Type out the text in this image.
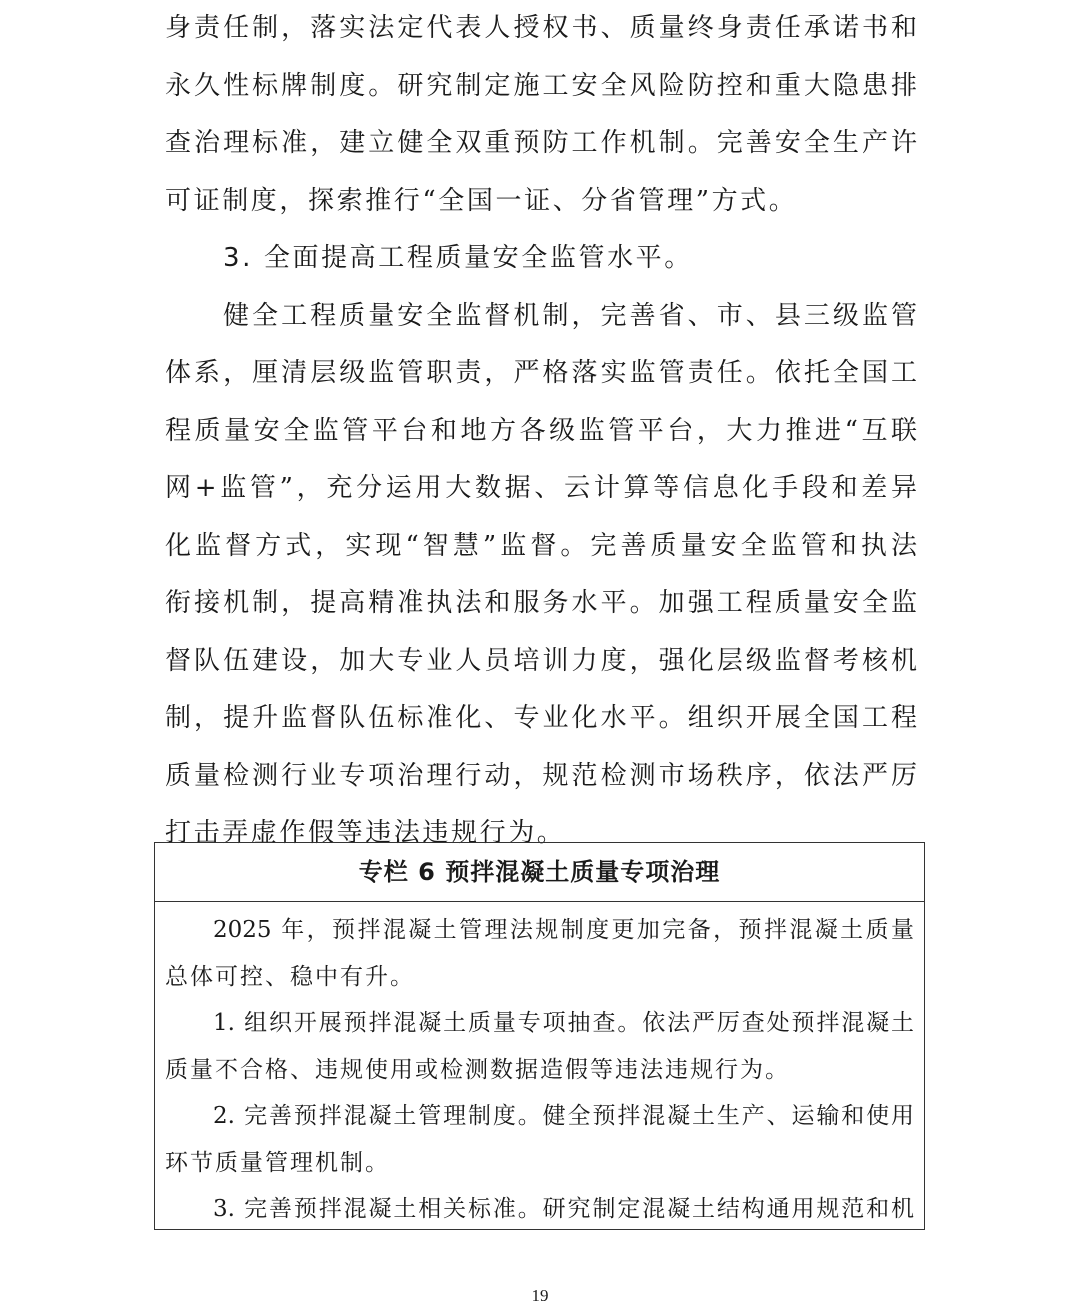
身责任制，落实法定代表人授权书、质量终身责任承诺书和
永久性标牌制度。研究制定施工安全风险防控和重大隐患排
查治理标准，建立健全双重预防工作机制。完善安全生产许
可证制度，探索推行“全国一证、分省管理”方式。
3. 全面提高工程质量安全监管水平。
健全工程质量安全监督机制，完善省、市、县三级监管
体系，厘清层级监管职责，严格落实监管责任。依托全国工
程质量安全监管平台和地方各级监管平台，大力推进“互联
网+监管”，充分运用大数据、云计算等信息化手段和差异
化监督方式，实现“智慧”监督。完善质量安全监管和执法
衔接机制，提高精准执法和服务水平。加强工程质量安全监
督队伍建设，加大专业人员培训力度，强化层级监督考核机
制，提升监督队伍标准化、专业化水平。组织开展全国工程
质量检测行业专项治理行动，规范检测市场秩序，依法严厉
打击弄虚作假等违法违规行为。
专栏 6 预拌混凝土质量专项治理
2025 年，预拌混凝土管理法规制度更加完备，预拌混凝土质量
总体可控、稳中有升。
1. 组织开展预拌混凝土质量专项抽查。依法严厉查处预拌混凝土
质量不合格、违规使用或检测数据造假等违法违规行为。
2. 完善预拌混凝土管理制度。健全预拌混凝土生产、运输和使用
环节质量管理机制。
3. 完善预拌混凝土相关标准。研究制定混凝土结构通用规范和机
19
